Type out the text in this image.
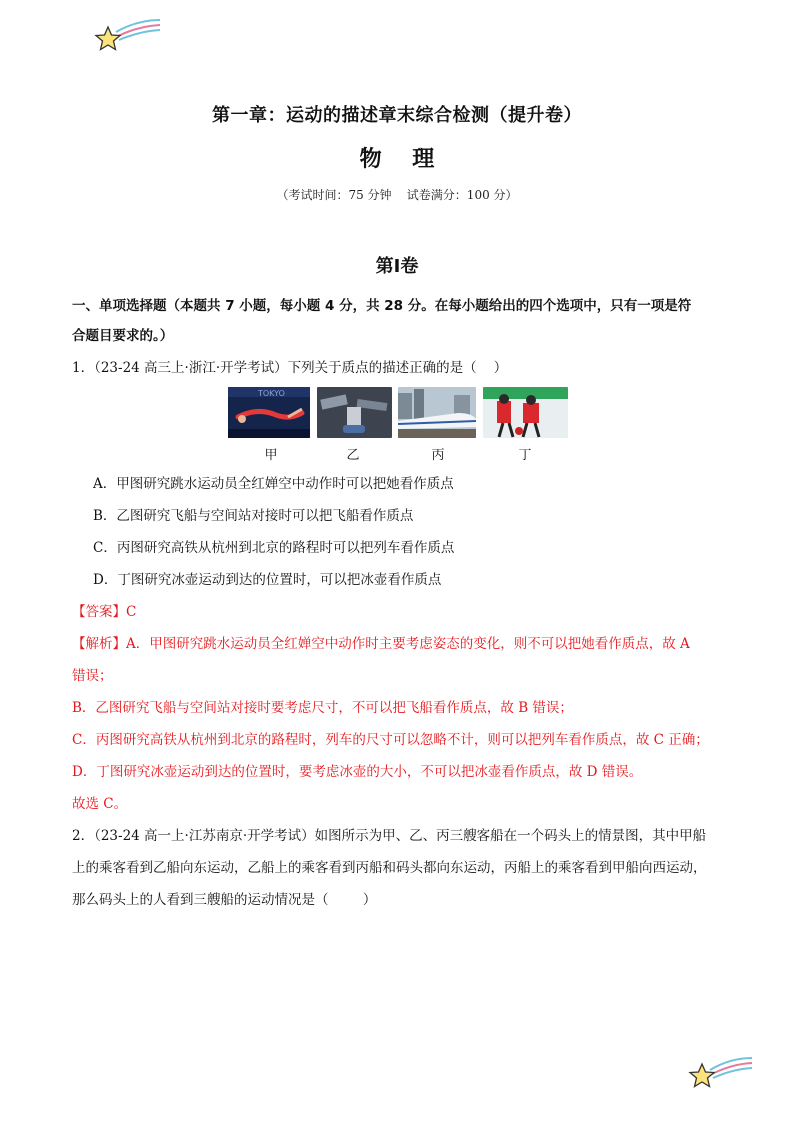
第一章：运动的描述章末综合检测（提升卷）
物    理
（考试时间：75 分钟    试卷满分：100 分）
第Ⅰ卷
一、单项选择题（本题共 7 小题，每小题 4 分，共 28 分。在每小题给出的四个选项中，只有一项是符
合题目要求的。）
1．（23-24 高三上·浙江·开学考试）下列关于质点的描述正确的是（    ）
TOKYO
甲	乙	丙	丁
A．甲图研究跳水运动员全红婵空中动作时可以把她看作质点
B．乙图研究飞船与空间站对接时可以把飞船看作质点
C．丙图研究高铁从杭州到北京的路程时可以把列车看作质点
D．丁图研究冰壶运动到达的位置时，可以把冰壶看作质点
【答案】C
【解析】A．甲图研究跳水运动员全红婵空中动作时主要考虑姿态的变化，则不可以把她看作质点，故 A
错误；
B．乙图研究飞船与空间站对接时要考虑尺寸，不可以把飞船看作质点，故 B 错误；
C．丙图研究高铁从杭州到北京的路程时，列车的尺寸可以忽略不计，则可以把列车看作质点，故 C 正确；
D．丁图研究冰壶运动到达的位置时，要考虑冰壶的大小，不可以把冰壶看作质点，故 D 错误。
故选 C。
2．（23-24 高一上·江苏南京·开学考试）如图所示为甲、乙、丙三艘客船在一个码头上的情景图，其中甲船
上的乘客看到乙船向东运动，乙船上的乘客看到丙船和码头都向东运动，丙船上的乘客看到甲船向西运动，
那么码头上的人看到三艘船的运动情况是（        ）
